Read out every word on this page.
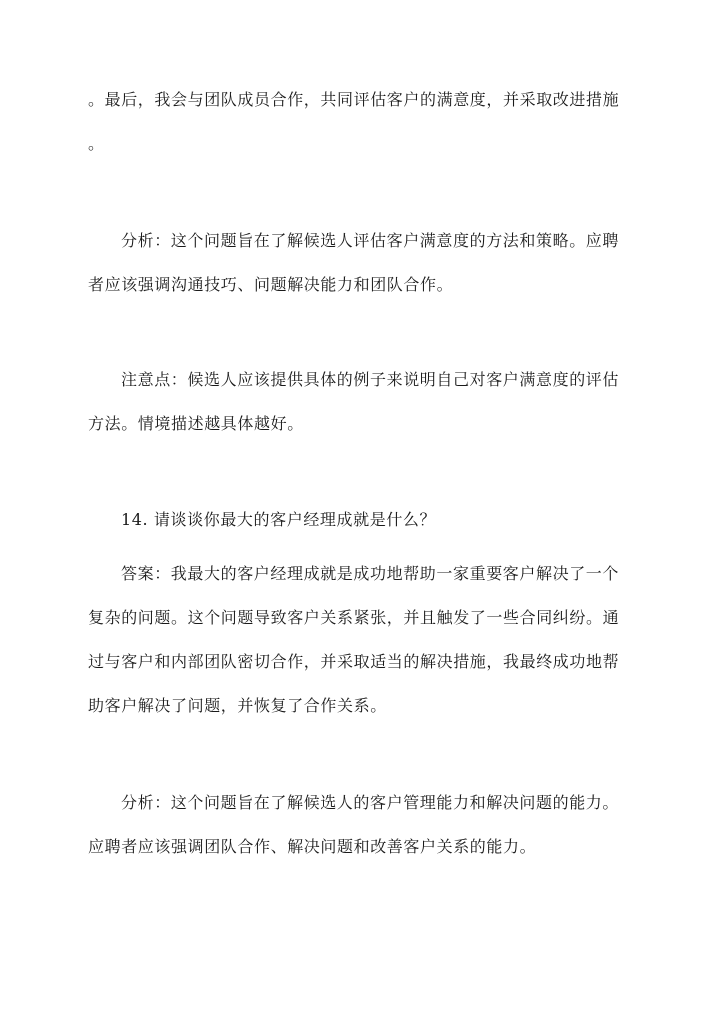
。最后，我会与团队成员合作，共同评估客户的满意度，并采取改进措施
。
分析：这个问题旨在了解候选人评估客户满意度的方法和策略。应聘
者应该强调沟通技巧、问题解决能力和团队合作。
注意点：候选人应该提供具体的例子来说明自己对客户满意度的评估
方法。情境描述越具体越好。
14. 请谈谈你最大的客户经理成就是什么？
答案：我最大的客户经理成就是成功地帮助一家重要客户解决了一个
复杂的问题。这个问题导致客户关系紧张，并且触发了一些合同纠纷。通
过与客户和内部团队密切合作，并采取适当的解决措施，我最终成功地帮
助客户解决了问题，并恢复了合作关系。
分析：这个问题旨在了解候选人的客户管理能力和解决问题的能力。
应聘者应该强调团队合作、解决问题和改善客户关系的能力。
